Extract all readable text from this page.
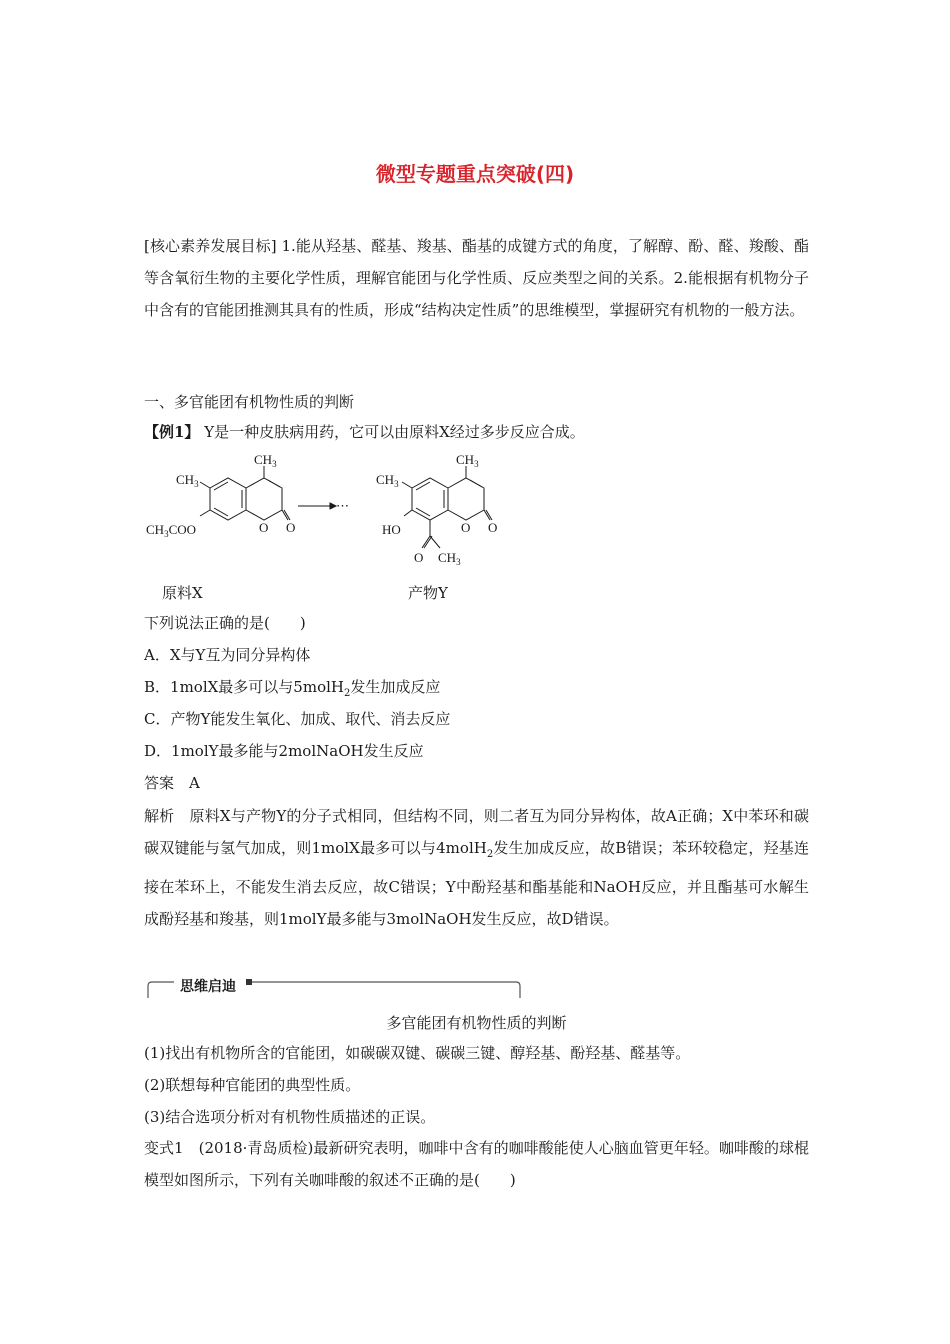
微型专题重点突破(四)
[核心素养发展目标] 1.能从羟基、醛基、羧基、酯基的成键方式的角度，了解醇、酚、醛、羧酸、酯等含氧衍生物的主要化学性质，理解官能团与化学性质、反应类型之间的关系。2.能根据有机物分子中含有的官能团推测其具有的性质，形成“结构决定性质”的思维模型，掌握研究有机物的一般方法。
一、多官能团有机物性质的判断
【例1】 Y是一种皮肤病用药，它可以由原料X经过多步反应合成。
$CH_3$
$CH_3$
$CH_3COO$	O O
⋯
$CH_3$
$CH_3$
HO	O O
O $CH_3$
原料X	产物Y
下列说法正确的是(　　)
A．X与Y互为同分异构体
B．1molX最多可以与5molH$_2$发生加成反应
C．产物Y能发生氧化、加成、取代、消去反应
D．1molY最多能与2molNaOH发生反应
答案　A
解析　原料X与产物Y的分子式相同，但结构不同，则二者互为同分异构体，故A正确；X中苯环和碳碳双键能与氢气加成，则1molX最多可以与4molH$_2$发生加成反应，故B错误；苯环较稳定，羟基连接在苯环上，不能发生消去反应，故C错误；Y中酚羟基和酯基能和NaOH反应，并且酯基可水解生成酚羟基和羧基，则1molY最多能与3molNaOH发生反应，故D错误。
思维启迪
多官能团有机物性质的判断
(1)找出有机物所含的官能团，如碳碳双键、碳碳三键、醇羟基、酚羟基、醛基等。
(2)联想每种官能团的典型性质。
(3)结合选项分析对有机物性质描述的正误。
变式1　(2018·青岛质检)最新研究表明，咖啡中含有的咖啡酸能使人心脑血管更年轻。咖啡酸的球棍模型如图所示，下列有关咖啡酸的叙述不正确的是(　　)
